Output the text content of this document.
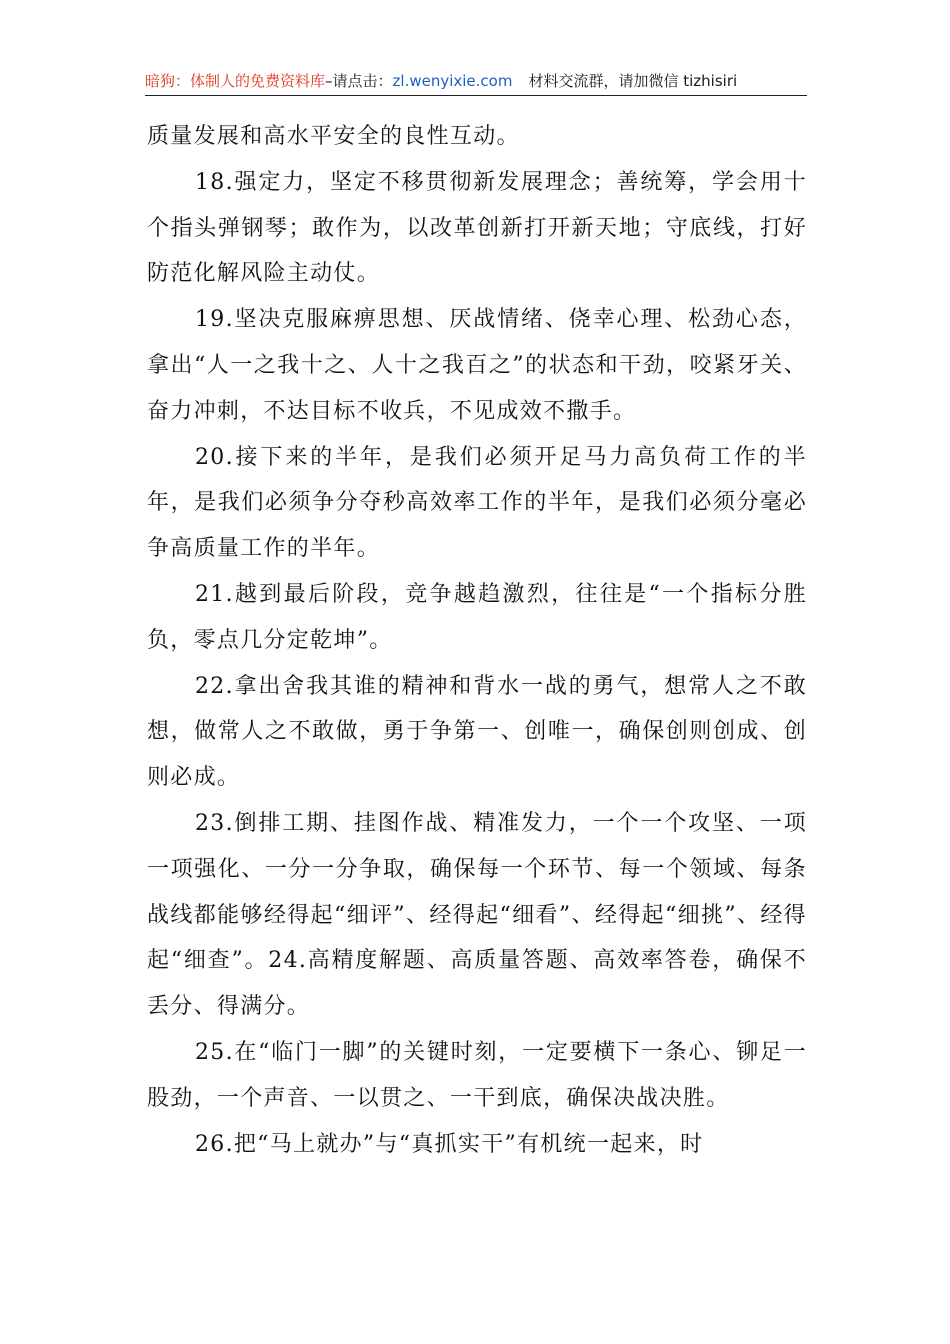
暗狗：体制人的免费资料库–请点击：zl.wenyixie.com 材料交流群，请加微信 tizhisiri

质量发展和高水平安全的良性互动。

18.强定力，坚定不移贯彻新发展理念；善统筹，学会用十个指头弹钢琴；敢作为，以改革创新打开新天地；守底线，打好防范化解风险主动仗。

19.坚决克服麻痹思想、厌战情绪、侥幸心理、松劲心态，拿出“人一之我十之、人十之我百之”的状态和干劲，咬紧牙关、奋力冲刺，不达目标不收兵，不见成效不撒手。

20.接下来的半年，是我们必须开足马力高负荷工作的半年，是我们必须争分夺秒高效率工作的半年，是我们必须分毫必争高质量工作的半年。

21.越到最后阶段，竞争越趋激烈，往往是“一个指标分胜负，零点几分定乾坤”。

22.拿出舍我其谁的精神和背水一战的勇气，想常人之不敢想，做常人之不敢做，勇于争第一、创唯一，确保创则创成、创则必成。

23.倒排工期、挂图作战、精准发力，一个一个攻坚、一项一项强化、一分一分争取，确保每一个环节、每一个领域、每条战线都能够经得起“细评”、经得起“细看”、经得起“细挑”、经得起“细查”。24.高精度解题、高质量答题、高效率答卷，确保不丢分、得满分。

25.在“临门一脚”的关键时刻，一定要横下一条心、铆足一股劲，一个声音、一以贯之、一干到底，确保决战决胜。

26.把“马上就办”与“真抓实干”有机统一起来，时
